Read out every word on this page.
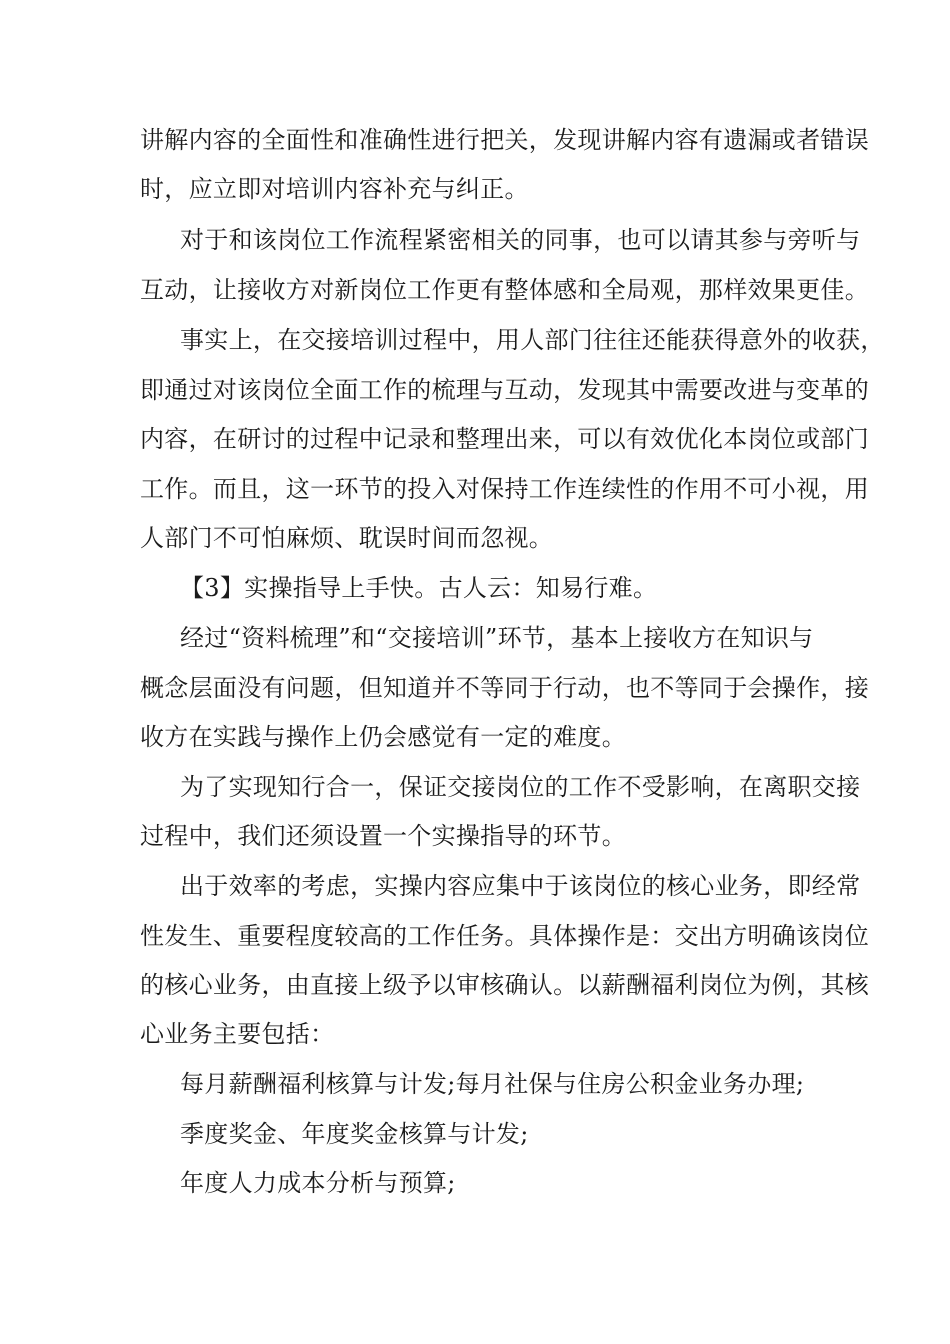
讲解内容的全面性和准确性进行把关，发现讲解内容有遗漏或者错误
时，应立即对培训内容补充与纠正。
对于和该岗位工作流程紧密相关的同事，也可以请其参与旁听与
互动，让接收方对新岗位工作更有整体感和全局观，那样效果更佳。
事实上，在交接培训过程中，用人部门往往还能获得意外的收获，
即通过对该岗位全面工作的梳理与互动，发现其中需要改进与变革的
内容，在研讨的过程中记录和整理出来，可以有效优化本岗位或部门
工作。而且，这一环节的投入对保持工作连续性的作用不可小视，用
人部门不可怕麻烦、耽误时间而忽视。
【3】实操指导上手快。古人云：知易行难。
经过“资料梳理”和“交接培训”环节，基本上接收方在知识与
概念层面没有问题，但知道并不等同于行动，也不等同于会操作，接
收方在实践与操作上仍会感觉有一定的难度。
为了实现知行合一，保证交接岗位的工作不受影响，在离职交接
过程中，我们还须设置一个实操指导的环节。
出于效率的考虑，实操内容应集中于该岗位的核心业务，即经常
性发生、重要程度较高的工作任务。具体操作是：交出方明确该岗位
的核心业务，由直接上级予以审核确认。以薪酬福利岗位为例，其核
心业务主要包括：
每月薪酬福利核算与计发;每月社保与住房公积金业务办理;
季度奖金、年度奖金核算与计发;
年度人力成本分析与预算;
